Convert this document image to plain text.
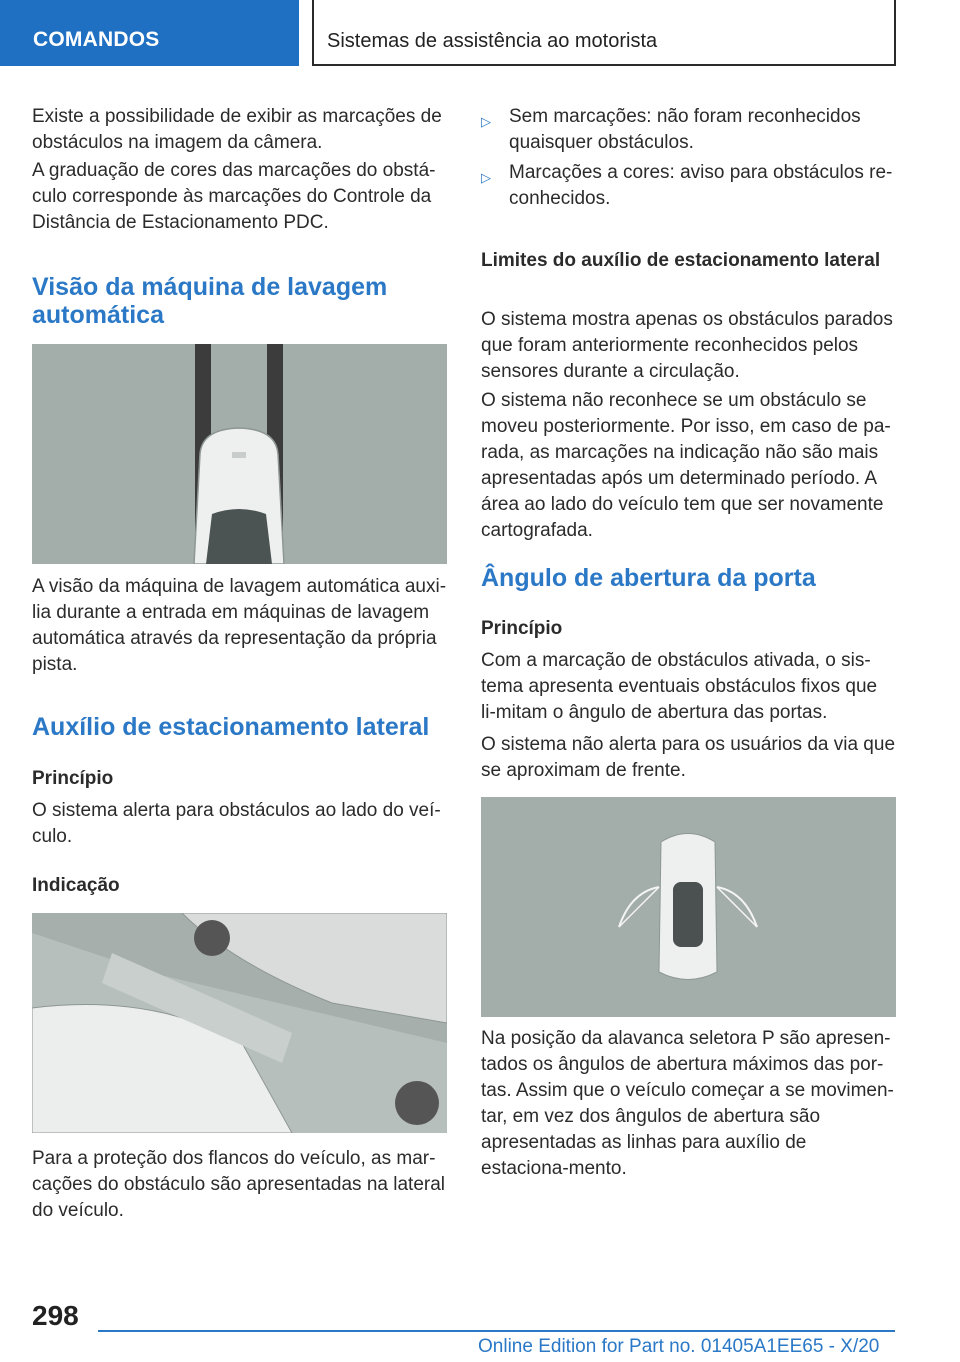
COMANDOS	Sistemas de assistência ao motorista

Existe a possibilidade de exibir as marcações de obstáculos na imagem da câmera.

A graduação de cores das marcações do obstá-culo corresponde às marcações do Controle da Distância de Estacionamento PDC.

Visão da máquina de lavagem automática

A visão da máquina de lavagem automática auxi-lia durante a entrada em máquinas de lavagem automática através da representação da própria pista.

Auxílio de estacionamento lateral
Princípio

O sistema alerta para obstáculos ao lado do veí-culo.

Indicação

Para a proteção dos flancos do veículo, as mar-cações do obstáculo são apresentadas na lateral do veículo.

▷ Sem marcações: não foram reconhecidos quaisquer obstáculos.
▷ Marcações a cores: aviso para obstáculos re-conhecidos.
Limites do auxílio de estacionamento lateral

O sistema mostra apenas os obstáculos parados que foram anteriormente reconhecidos pelos sensores durante a circulação.

O sistema não reconhece se um obstáculo se moveu posteriormente. Por isso, em caso de pa-rada, as marcações na indicação não são mais apresentadas após um determinado período. A área ao lado do veículo tem que ser novamente cartografada.

Ângulo de abertura da porta
Princípio

Com a marcação de obstáculos ativada, o sis-tema apresenta eventuais obstáculos fixos que li-mitam o ângulo de abertura das portas.

O sistema não alerta para os usuários da via que se aproximam de frente.

Na posição da alavanca seletora P são apresen-tados os ângulos de abertura máximos das por-tas. Assim que o veículo começar a se movimen-tar, em vez dos ângulos de abertura são apresentadas as linhas para auxílio de estaciona-mento.

298
Online Edition for Part no. 01405A1EE65 - X/20
